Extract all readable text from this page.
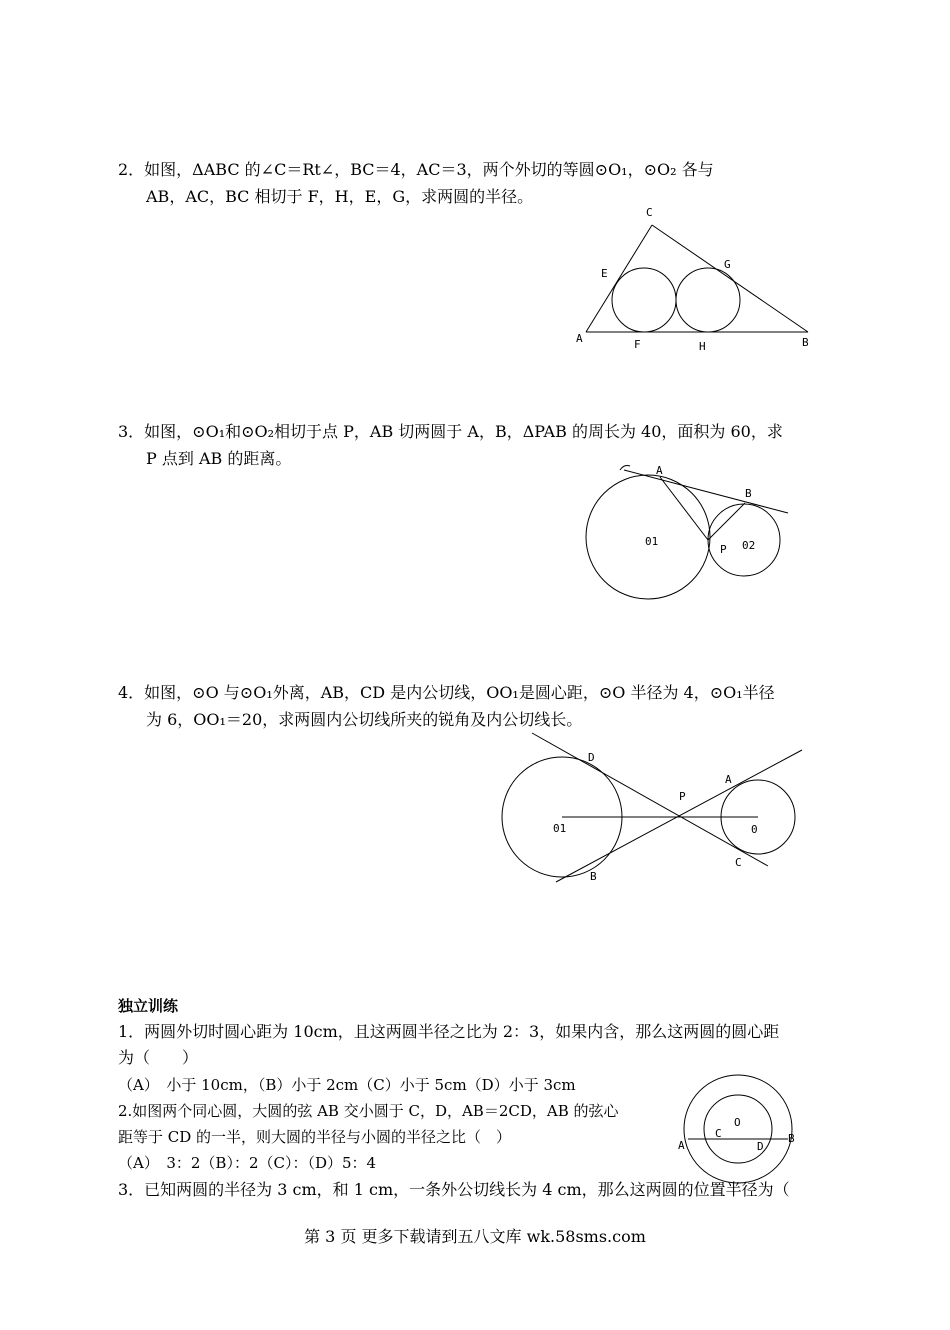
2．如图，ΔABC 的∠C＝Rt∠，BC＝4，AC＝3，两个外切的等圆⊙O₁，⊙O₂ 各与
AB，AC，BC 相切于 F，H，E，G，求两圆的半径。
C
E
G
A	F	H	B
3．如图，⊙O₁和⊙O₂相切于点 P，AB 切两圆于 A，B，ΔPAB 的周长为 40，面积为 60，求
P 点到 AB 的距离。
A
B
01
P 02
4．如图，⊙O 与⊙O₁外离，AB，CD 是内公切线，OO₁是圆心距，⊙O 半径为 4，⊙O₁半径
为 6，OO₁＝20，求两圆内公切线所夹的锐角及内公切线长。
D
A
P
01	0
C
B
独立训练
1．两圆外切时圆心距为 10cm，且这两圆半径之比为 2：3，如果内含，那么这两圆的圆心距
为（　　）
（A）　小于 10cm，（B）小于 2cm（C）小于 5cm（D）小于 3cm
2.如图两个同心圆，大圆的弦 AB 交小圆于 C，D，AB＝2CD，AB 的弦心
距等于 CD 的一半，则大圆的半径与小圆的半径之比（　）
（A）　3：2（B）：2（C）：（D）5：4
3．已知两圆的半径为 3 cm，和 1 cm，一条外公切线长为 4 cm，那么这两圆的位置半径为（
O
A
C
D
B
第 3 页 更多下载请到五八文库 wk.58sms.com
